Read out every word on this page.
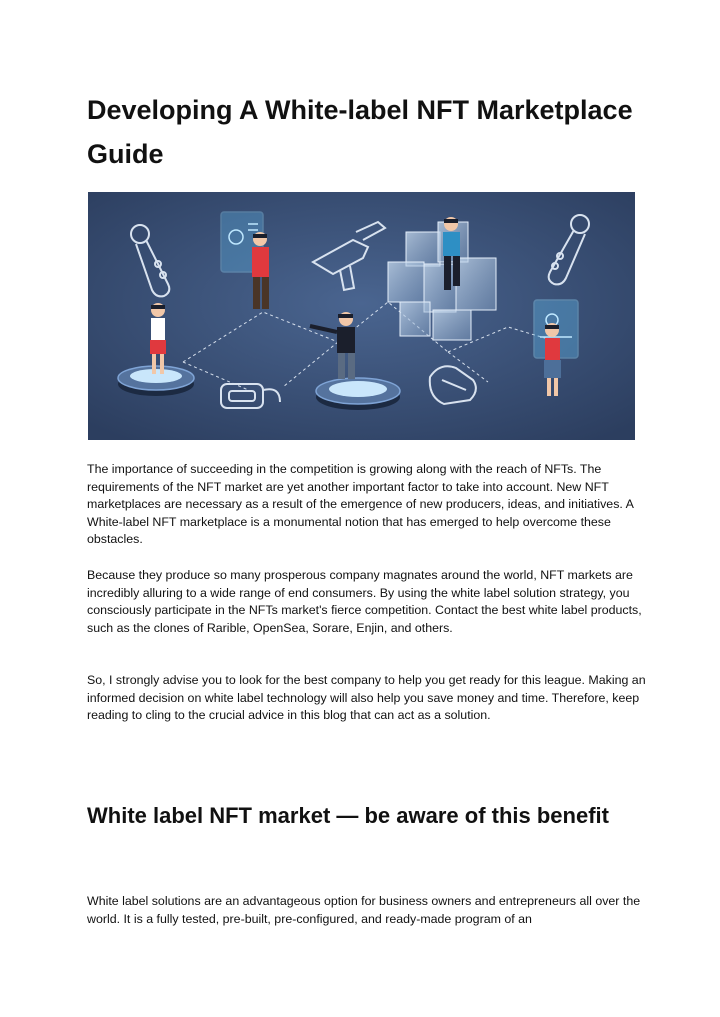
Developing A White-label NFT Marketplace Guide

The importance of succeeding in the competition is growing along with the reach of NFTs. The requirements of the NFT market are yet another important factor to take into account. New NFT marketplaces are necessary as a result of the emergence of new producers, ideas, and initiatives. A White-label NFT marketplace is a monumental notion that has emerged to help overcome these obstacles.

Because they produce so many prosperous company magnates around the world, NFT markets are incredibly alluring to a wide range of end consumers. By using the white label solution strategy, you consciously participate in the NFTs market's fierce competition. Contact the best white label products, such as the clones of Rarible, OpenSea, Sorare, Enjin, and others.

So, I strongly advise you to look for the best company to help you get ready for this league. Making an informed decision on white label technology will also help you save money and time. Therefore, keep reading to cling to the crucial advice in this blog that can act as a solution.

White label NFT market — be aware of this benefit

White label solutions are an advantageous option for business owners and entrepreneurs all over the world. It is a fully tested, pre-built, pre-configured, and ready-made program of an
